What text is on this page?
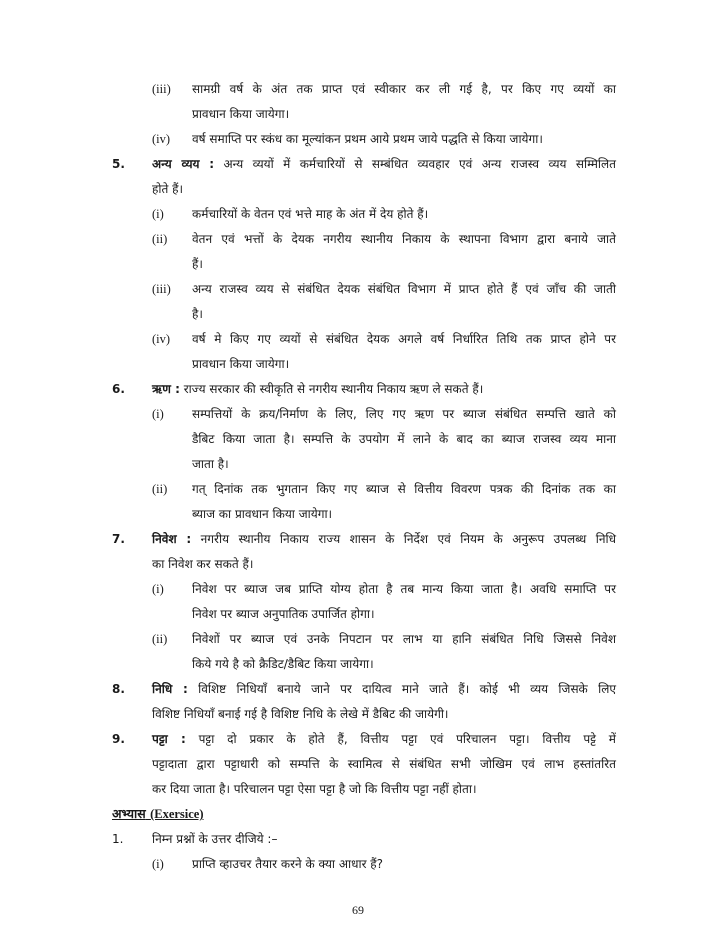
(iii) सामग्री वर्ष के अंत तक प्राप्त एवं स्वीकार कर ली गई है, पर किए गए व्ययों का
प्रावधान किया जायेगा।
(iv) वर्ष समाप्ति पर स्कंध का मूल्यांकन प्रथम आये प्रथम जाये पद्धति से किया जायेगा।
5. अन्य व्यय : अन्य व्ययों में कर्मचारियों से सम्बंधित व्यवहार एवं अन्य राजस्व व्यय सम्मिलित
होते हैं।
(i) कर्मचारियों के वेतन एवं भत्ते माह के अंत में देय होते हैं।
(ii) वेतन एवं भत्तों के देयक नगरीय स्थानीय निकाय के स्थापना विभाग द्वारा बनाये जाते
हैं।
(iii) अन्य राजस्व व्यय से संबंधित देयक संबंधित विभाग में प्राप्त होते हैं एवं जाँच की जाती
है।
(iv) वर्ष मे किए गए व्ययों से संबंधित देयक अगले वर्ष निर्धारित तिथि तक प्राप्त होने पर
प्रावधान किया जायेगा।
6. ऋण : राज्य सरकार की स्वीकृति से नगरीय स्थानीय निकाय ऋण ले सकते हैं।
(i) सम्पत्तियों के क्रय/निर्माण के लिए, लिए गए ऋण पर ब्याज संबंधित सम्पत्ति खाते को
डैबिट किया जाता है। सम्पत्ति के उपयोग में लाने के बाद का ब्याज राजस्व व्यय माना
जाता है।
(ii) गत् दिनांक तक भुगतान किए गए ब्याज से वित्तीय विवरण पत्रक की दिनांक तक का
ब्याज का प्रावधान किया जायेगा।
7. निवेश : नगरीय स्थानीय निकाय राज्य शासन के निर्देश एवं नियम के अनुरूप उपलब्ध निधि
का निवेश कर सकते हैं।
(i) निवेश पर ब्याज जब प्राप्ति योग्य होता है तब मान्य किया जाता है। अवधि समाप्ति पर
निवेश पर ब्याज अनुपातिक उपार्जित होगा।
(ii) निवेशों पर ब्याज एवं उनके निपटान पर लाभ या हानि संबंधित निधि जिससे निवेश
किये गये है को क्रैडिट/डैबिट किया जायेगा।
8. निधि : विशिष्ट निधियाँ बनाये जाने पर दायित्व माने जाते हैं। कोई भी व्यय जिसके लिए
विशिष्ट निधियाँ बनाई गई है विशिष्ट निधि के लेखे में डैबिट की जायेगी।
9. पट्टा : पट्टा दो प्रकार के होते हैं, वित्तीय पट्टा एवं परिचालन पट्टा। वित्तीय पट्टे में
पट्टादाता द्वारा पट्टाधारी को सम्पत्ति के स्वामित्व से संबंधित सभी जोखिम एवं लाभ हस्तांतरित
कर दिया जाता है। परिचालन पट्टा ऐसा पट्टा है जो कि वित्तीय पट्टा नहीं होता।
अभ्यास (Exersice)
1. निम्न प्रश्नों के उत्तर दीजिये :–
(i) प्राप्ति व्हाउचर तैयार करने के क्या आधार हैं?
69
